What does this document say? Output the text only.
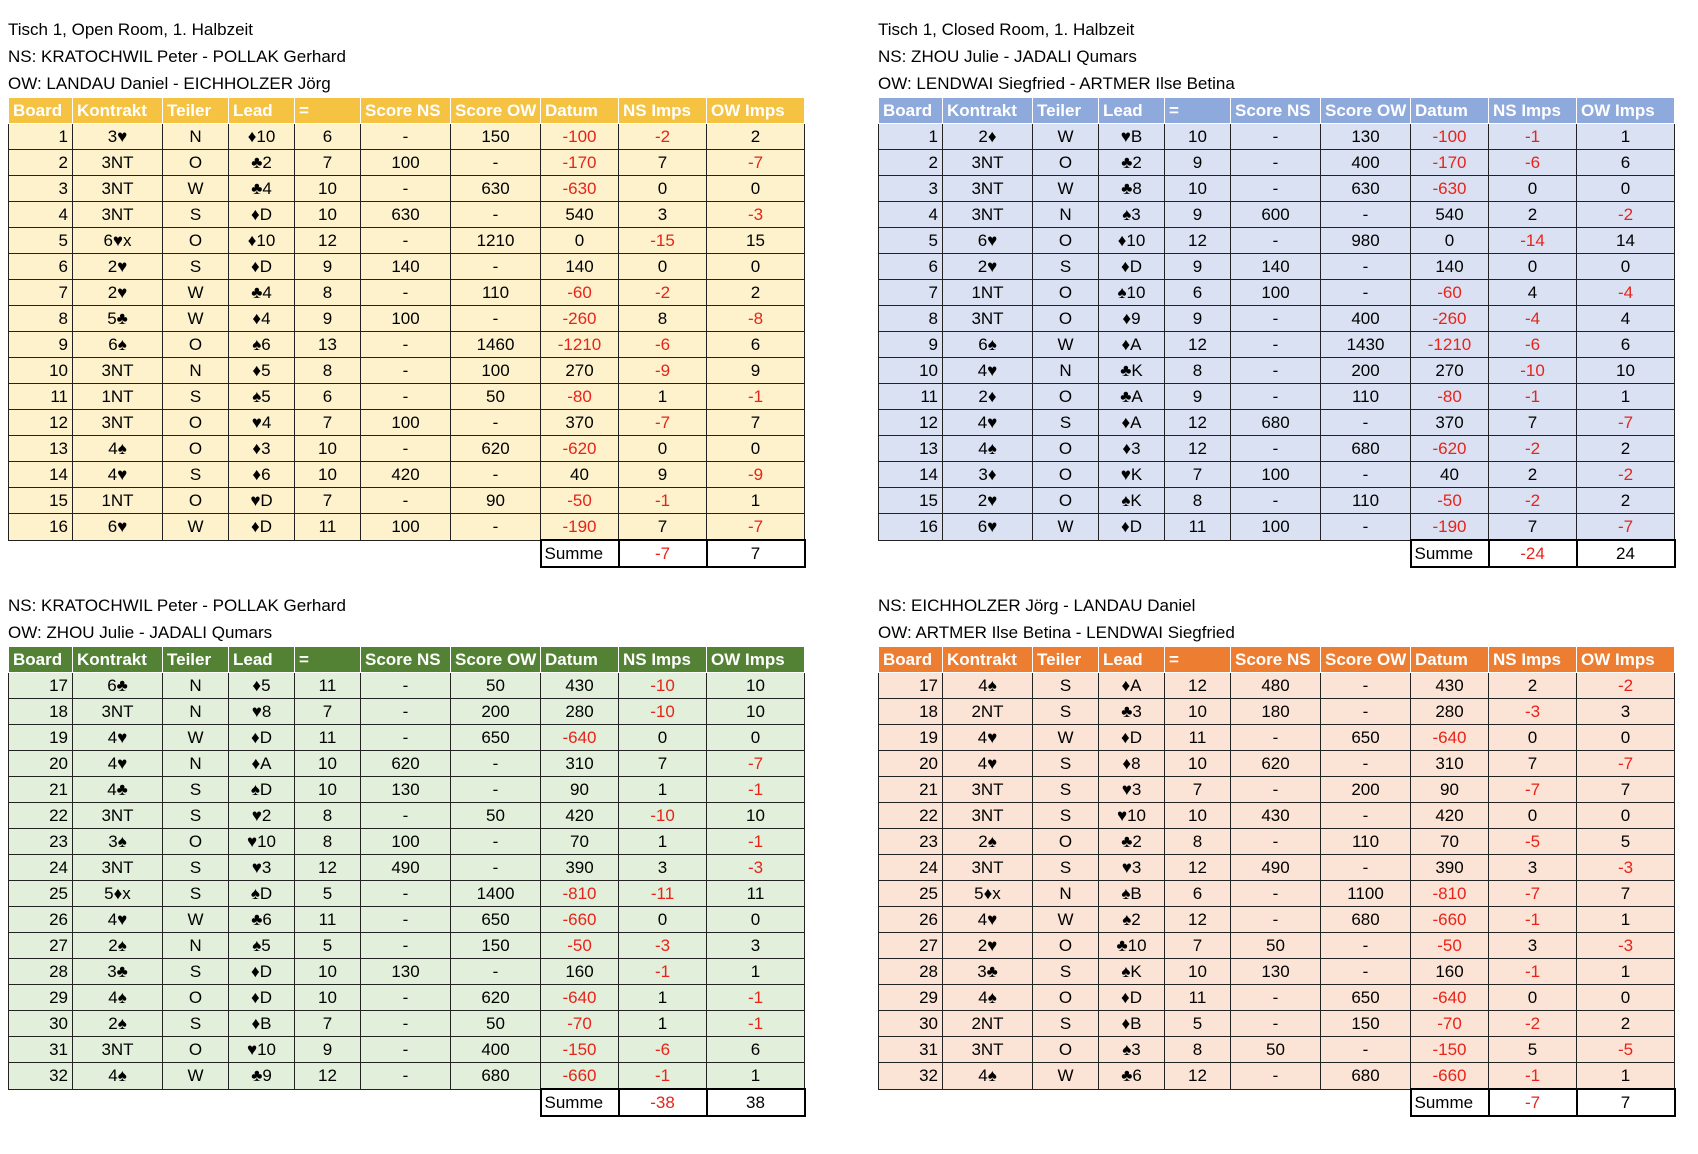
Tisch 1, Open Room, 1. Halbzeit
NS: KRATOCHWIL Peter - POLLAK Gerhard
OW: LANDAU Daniel - EICHHOLZER Jörg
Board	Kontrakt	Teiler	Lead	=	Score NS	Score OW	Datum	NS Imps	OW Imps
1	3♥	N	♦10	6	-	150	-100	-2	2
2	3NT	O	♣2	7	100	-	-170	7	-7
3	3NT	W	♣4	10	-	630	-630	0	0
4	3NT	S	♦D	10	630	-	540	3	-3
5	6♥x	O	♦10	12	-	1210	0	-15	15
6	2♥	S	♦D	9	140	-	140	0	0
7	2♥	W	♣4	8	-	110	-60	-2	2
8	5♣	W	♦4	9	100	-	-260	8	-8
9	6♠	O	♠6	13	-	1460	-1210	-6	6
10	3NT	N	♦5	8	-	100	270	-9	9
11	1NT	S	♠5	6	-	50	-80	1	-1
12	3NT	O	♥4	7	100	-	370	-7	7
13	4♠	O	♦3	10	-	620	-620	0	0
14	4♥	S	♦6	10	420	-	40	9	-9
15	1NT	O	♥D	7	-	90	-50	-1	1
16	6♥	W	♦D	11	100	-	-190	7	-7
							Summe	-7	7
Tisch 1, Closed Room, 1. Halbzeit
NS: ZHOU Julie - JADALI Qumars
OW: LENDWAI Siegfried - ARTMER Ilse Betina
Board	Kontrakt	Teiler	Lead	=	Score NS	Score OW	Datum	NS Imps	OW Imps
1	2♦	W	♥B	10	-	130	-100	-1	1
2	3NT	O	♣2	9	-	400	-170	-6	6
3	3NT	W	♣8	10	-	630	-630	0	0
4	3NT	N	♠3	9	600	-	540	2	-2
5	6♥	O	♦10	12	-	980	0	-14	14
6	2♥	S	♦D	9	140	-	140	0	0
7	1NT	O	♠10	6	100	-	-60	4	-4
8	3NT	O	♦9	9	-	400	-260	-4	4
9	6♠	W	♦A	12	-	1430	-1210	-6	6
10	4♥	N	♣K	8	-	200	270	-10	10
11	2♦	O	♣A	9	-	110	-80	-1	1
12	4♥	S	♦A	12	680	-	370	7	-7
13	4♠	O	♦3	12	-	680	-620	-2	2
14	3♦	O	♥K	7	100	-	40	2	-2
15	2♥	O	♠K	8	-	110	-50	-2	2
16	6♥	W	♦D	11	100	-	-190	7	-7
							Summe	-24	24
NS: KRATOCHWIL Peter - POLLAK Gerhard
OW: ZHOU Julie - JADALI Qumars
Board	Kontrakt	Teiler	Lead	=	Score NS	Score OW	Datum	NS Imps	OW Imps
17	6♣	N	♦5	11	-	50	430	-10	10
18	3NT	N	♥8	7	-	200	280	-10	10
19	4♥	W	♦D	11	-	650	-640	0	0
20	4♥	N	♦A	10	620	-	310	7	-7
21	4♣	S	♠D	10	130	-	90	1	-1
22	3NT	S	♥2	8	-	50	420	-10	10
23	3♠	O	♥10	8	100	-	70	1	-1
24	3NT	S	♥3	12	490	-	390	3	-3
25	5♦x	S	♠D	5	-	1400	-810	-11	11
26	4♥	W	♣6	11	-	650	-660	0	0
27	2♠	N	♠5	5	-	150	-50	-3	3
28	3♣	S	♦D	10	130	-	160	-1	1
29	4♠	O	♦D	10	-	620	-640	1	-1
30	2♠	S	♦B	7	-	50	-70	1	-1
31	3NT	O	♥10	9	-	400	-150	-6	6
32	4♠	W	♣9	12	-	680	-660	-1	1
							Summe	-38	38
NS: EICHHOLZER Jörg - LANDAU Daniel
OW: ARTMER Ilse Betina - LENDWAI Siegfried
Board	Kontrakt	Teiler	Lead	=	Score NS	Score OW	Datum	NS Imps	OW Imps
17	4♠	S	♦A	12	480	-	430	2	-2
18	2NT	S	♣3	10	180	-	280	-3	3
19	4♥	W	♦D	11	-	650	-640	0	0
20	4♥	S	♦8	10	620	-	310	7	-7
21	3NT	S	♥3	7	-	200	90	-7	7
22	3NT	S	♥10	10	430	-	420	0	0
23	2♠	O	♣2	8	-	110	70	-5	5
24	3NT	S	♥3	12	490	-	390	3	-3
25	5♦x	N	♠B	6	-	1100	-810	-7	7
26	4♥	W	♠2	12	-	680	-660	-1	1
27	2♥	O	♣10	7	50	-	-50	3	-3
28	3♣	S	♠K	10	130	-	160	-1	1
29	4♠	O	♦D	11	-	650	-640	0	0
30	2NT	S	♦B	5	-	150	-70	-2	2
31	3NT	O	♠3	8	50	-	-150	5	-5
32	4♠	W	♣6	12	-	680	-660	-1	1
							Summe	-7	7
